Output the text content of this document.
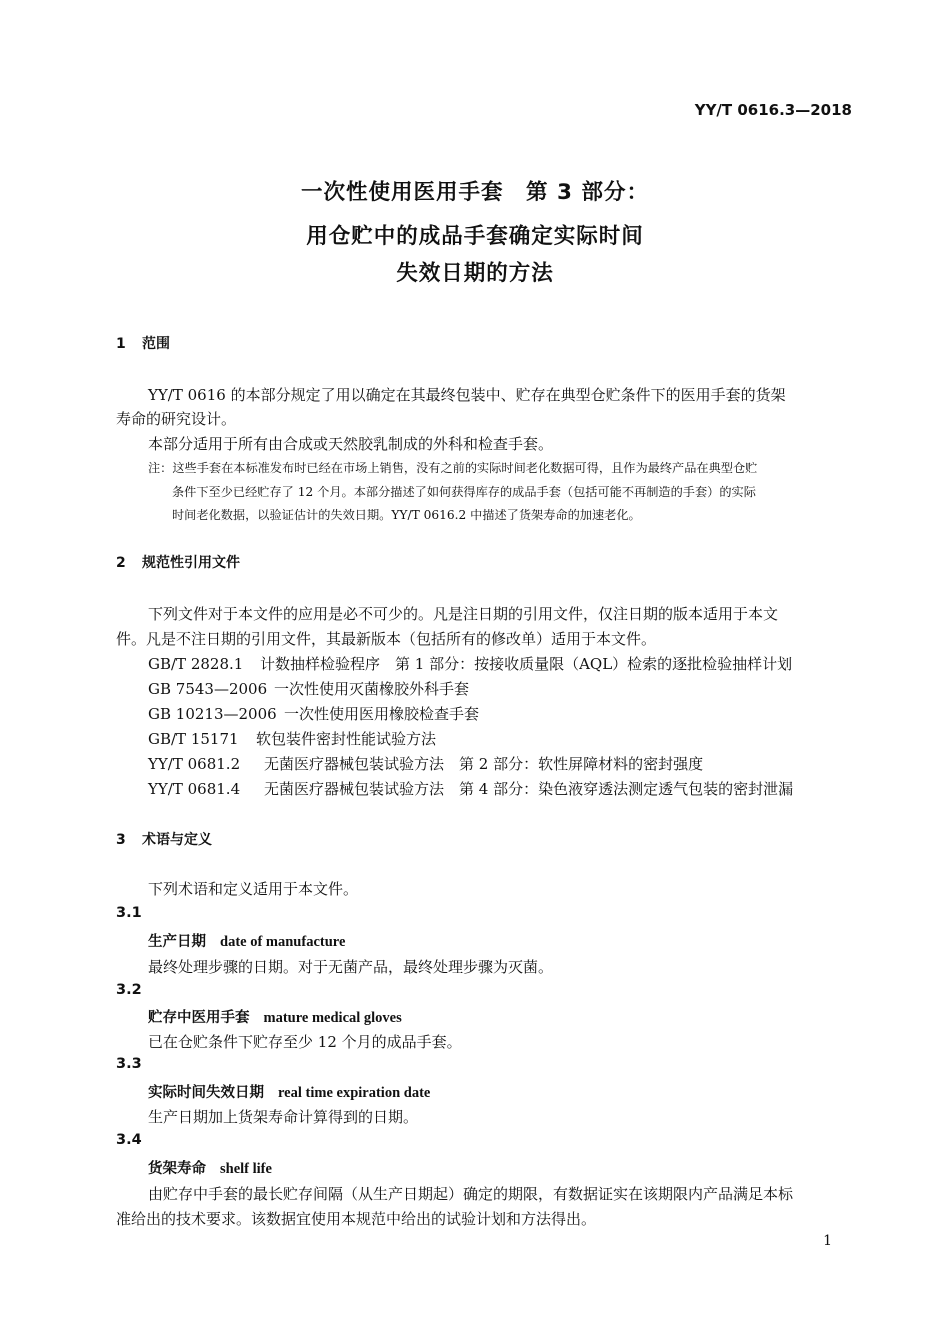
YY/T 0616.3—2018
一次性使用医用手套　第 3 部分：
用仓贮中的成品手套确定实际时间
失效日期的方法
1 范围
YY/T 0616 的本部分规定了用以确定在其最终包装中、贮存在典型仓贮条件下的医用手套的货架
寿命的研究设计。
本部分适用于所有由合成或天然胶乳制成的外科和检查手套。
注：这些手套在本标准发布时已经在市场上销售，没有之前的实际时间老化数据可得，且作为最终产品在典型仓贮
条件下至少已经贮存了 12 个月。本部分描述了如何获得库存的成品手套（包括可能不再制造的手套）的实际
时间老化数据，以验证估计的失效日期。YY/T 0616.2 中描述了货架寿命的加速老化。
2 规范性引用文件
下列文件对于本文件的应用是必不可少的。凡是注日期的引用文件，仅注日期的版本适用于本文
件。凡是不注日期的引用文件，其最新版本（包括所有的修改单）适用于本文件。
GB/T 2828.1 计数抽样检验程序　第 1 部分：按接收质量限（AQL）检索的逐批检验抽样计划
GB 7543—2006 一次性使用灭菌橡胶外科手套
GB 10213—2006 一次性使用医用橡胶检查手套
GB/T 15171 软包装件密封性能试验方法
YY/T 0681.2 无菌医疗器械包装试验方法　第 2 部分：软性屏障材料的密封强度
YY/T 0681.4 无菌医疗器械包装试验方法　第 4 部分：染色液穿透法测定透气包装的密封泄漏
3 术语与定义
下列术语和定义适用于本文件。
3.1
生产日期 date of manufacture
最终处理步骤的日期。对于无菌产品，最终处理步骤为灭菌。
3.2
贮存中医用手套 mature medical gloves
已在仓贮条件下贮存至少 12 个月的成品手套。
3.3
实际时间失效日期 real time expiration date
生产日期加上货架寿命计算得到的日期。
3.4
货架寿命 shelf life
由贮存中手套的最长贮存间隔（从生产日期起）确定的期限，有数据证实在该期限内产品满足本标
准给出的技术要求。该数据宜使用本规范中给出的试验计划和方法得出。
1
